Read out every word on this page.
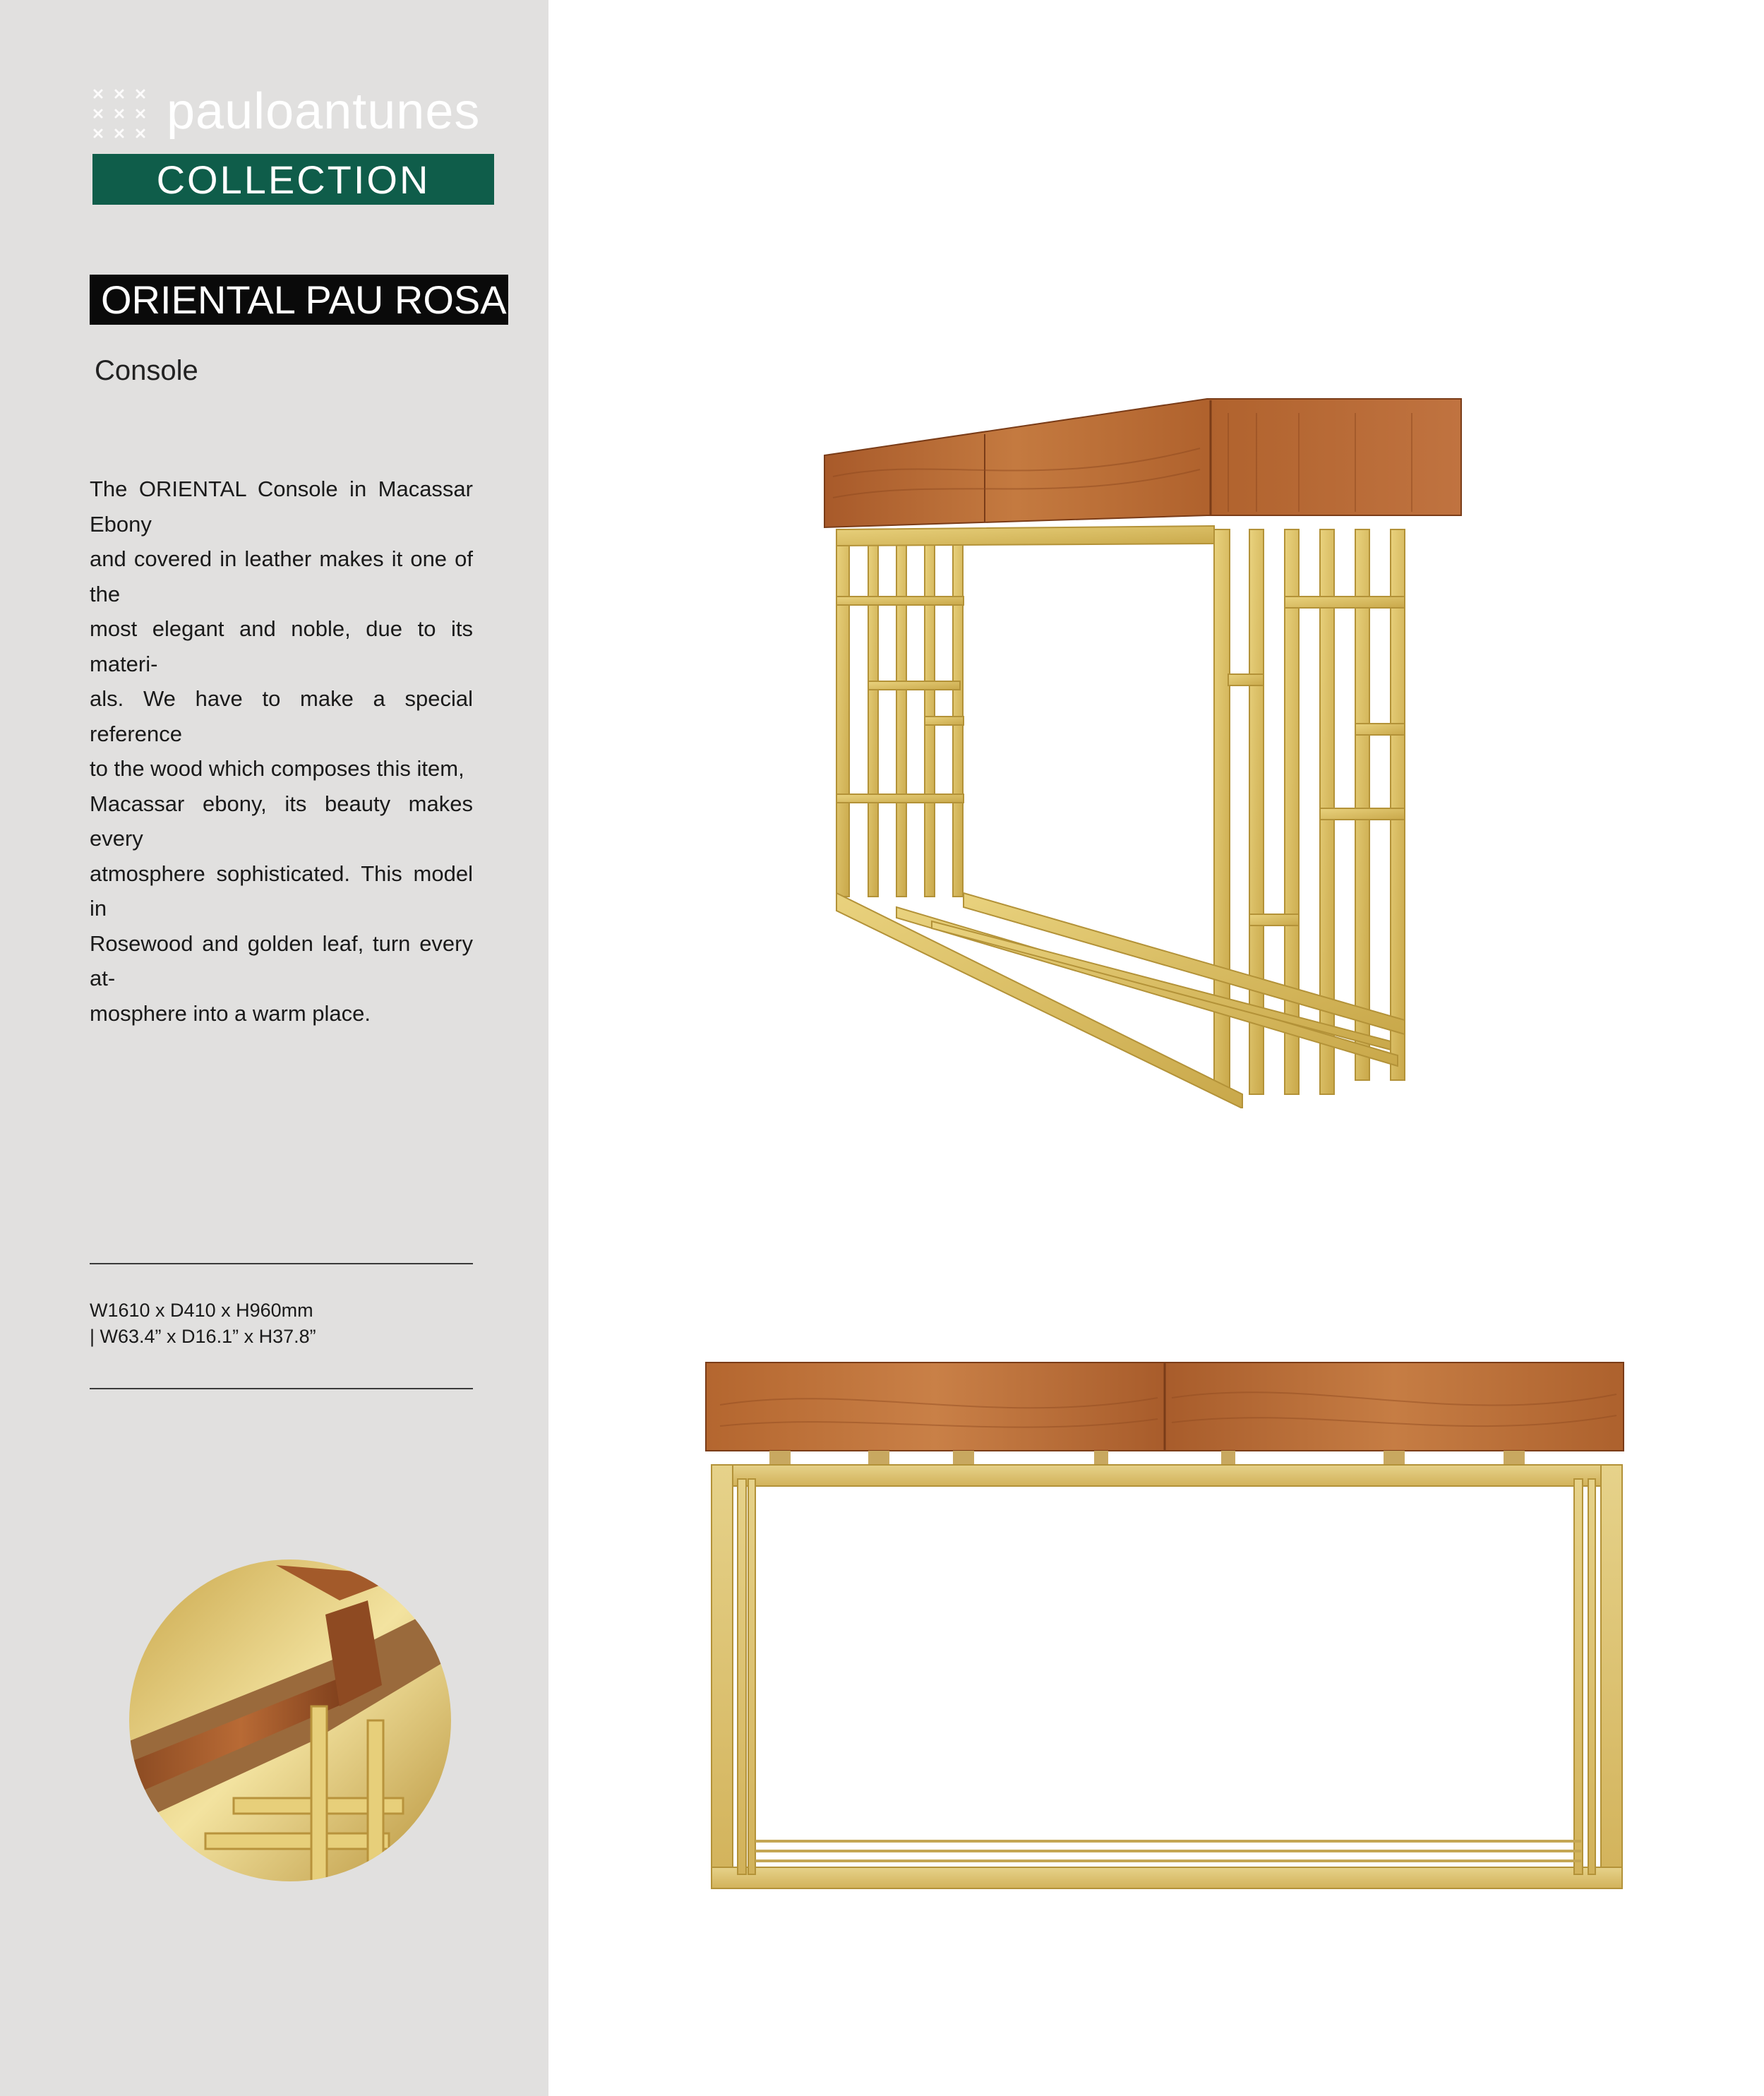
pauloantunes
COLLECTION
ORIENTAL PAU ROSA
Console
The ORIENTAL Console in Macassar Ebony
and covered in leather makes it one of the
most elegant and noble, due to its materi-
als. We have to make a special reference
to the wood which composes this item,
Macassar ebony, its beauty makes every
atmosphere sophisticated. This model in
Rosewood and golden leaf, turn every at-
mosphere into a warm place.
W1610 x D410 x H960mm
| W63.4” x D16.1” x H37.8”
